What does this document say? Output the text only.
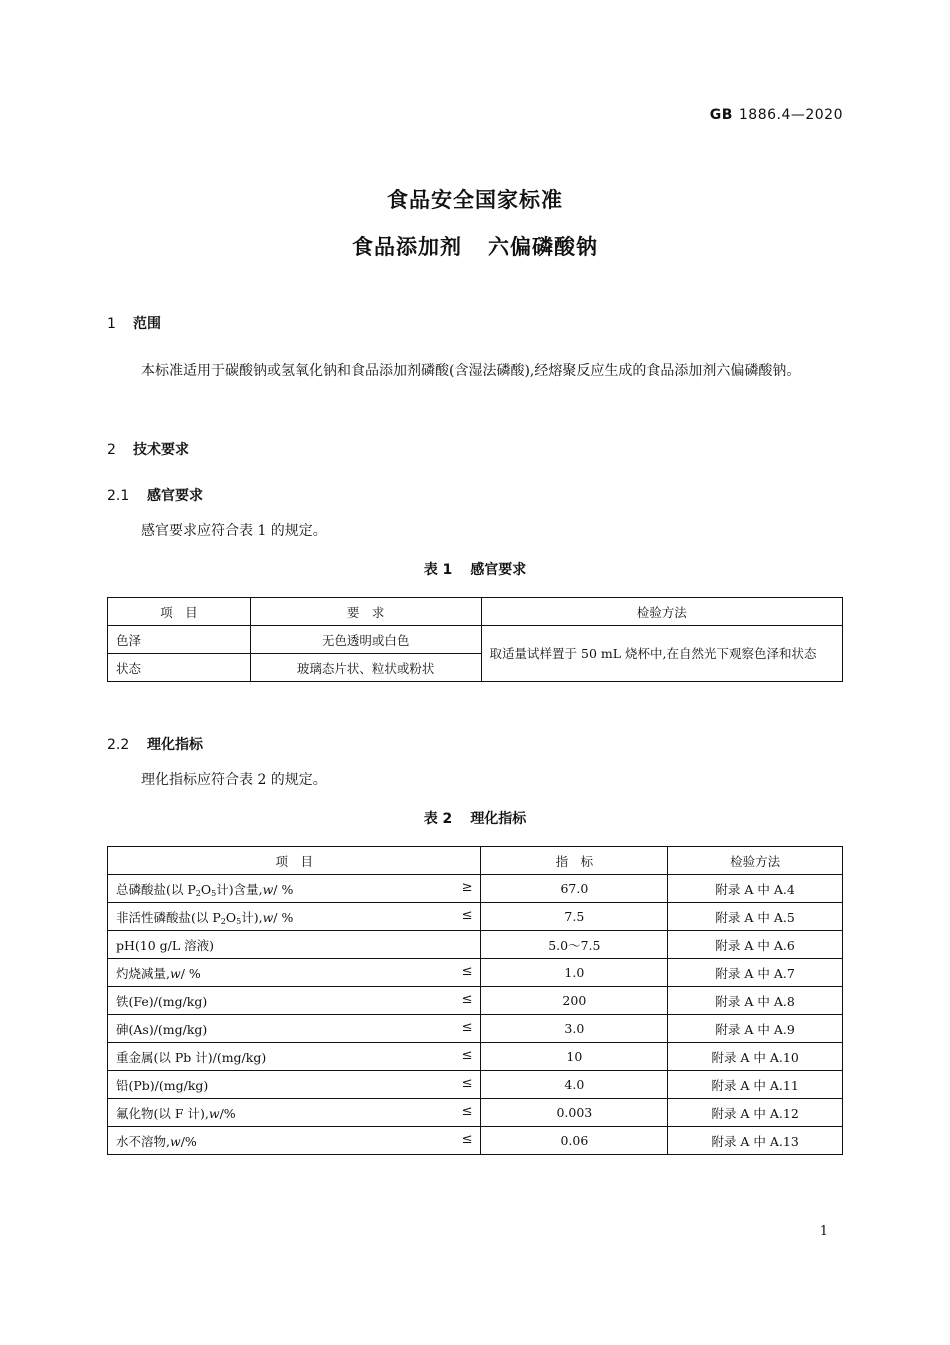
GB 1886.4—2020
食品安全国家标准
食品添加剂 六偏磷酸钠
1 范围
本标准适用于碳酸钠或氢氧化钠和食品添加剂磷酸(含湿法磷酸),经熔聚反应生成的食品添加剂六偏磷酸钠。
2 技术要求
2.1 感官要求
感官要求应符合表 1 的规定。
表 1 感官要求
项　目	要　求	检验方法
色泽	无色透明或白色	取适量试样置于 50 mL 烧杯中,在自然光下观察色泽和状态
状态	玻璃态片状、粒状或粉状	
2.2 理化指标
理化指标应符合表 2 的规定。
表 2 理化指标
项　目	指　标	检验方法
总磷酸盐(以 $P_2O_5$计)含量,w/ % ≥	67.0	附录 A 中 A.4
非活性磷酸盐(以 $P_2O_5$计),w/ % ≤	7.5	附录 A 中 A.5
pH(10 g/L 溶液)	5.0～7.5	附录 A 中 A.6
灼烧减量,w/ % ≤	1.0	附录 A 中 A.7
铁(Fe)/(mg/kg) ≤	200	附录 A 中 A.8
砷(As)/(mg/kg) ≤	3.0	附录 A 中 A.9
重金属(以 Pb 计)/(mg/kg) ≤	10	附录 A 中 A.10
铅(Pb)/(mg/kg) ≤	4.0	附录 A 中 A.11
氟化物(以 F 计),w/% ≤	0.003	附录 A 中 A.12
水不溶物,w/% ≤	0.06	附录 A 中 A.13
1
